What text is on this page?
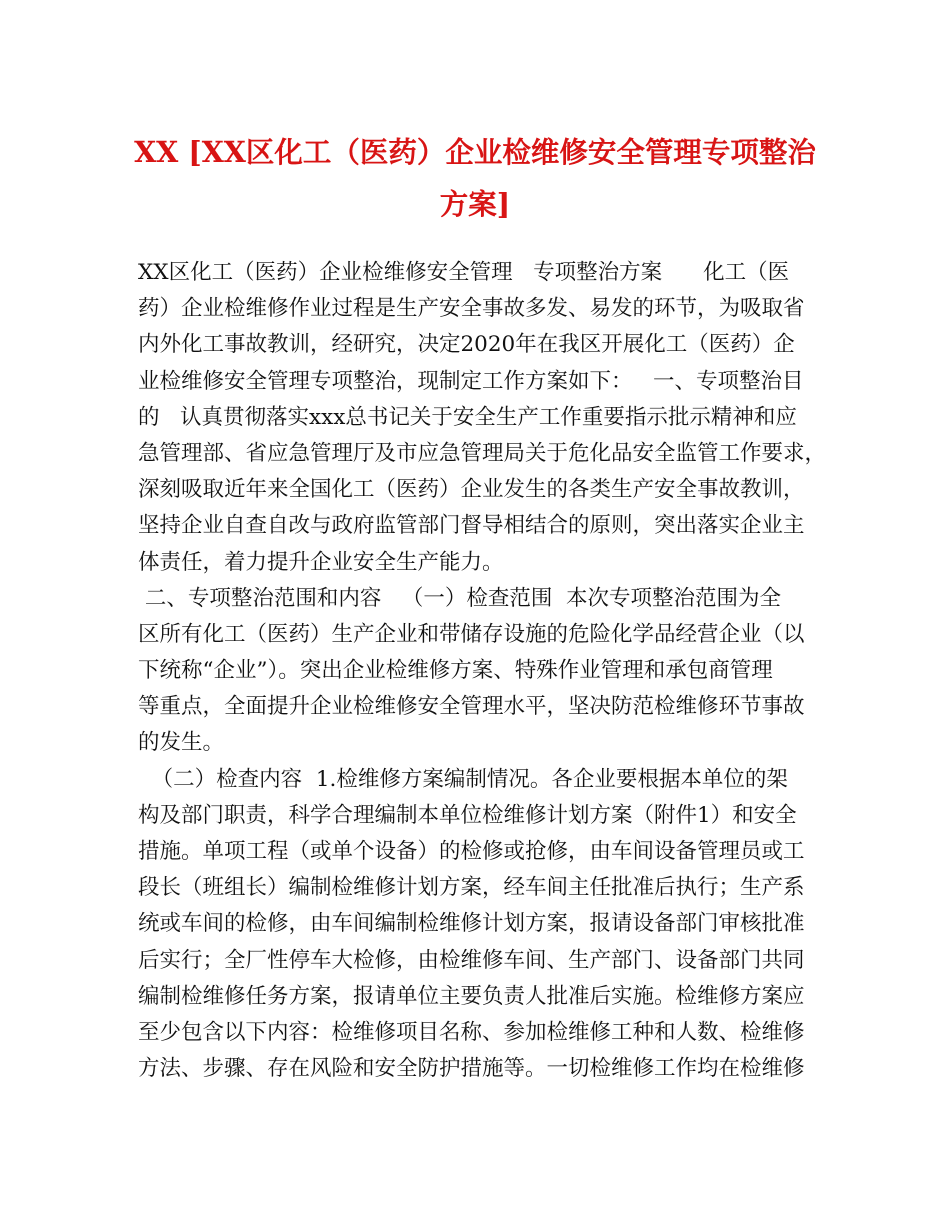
XX [XX区化工（医药）企业检维修安全管理专项整治
方案]
XX区化工（医药）企业检维修安全管理   专项整治方案      化工（医
药）企业检维修作业过程是生产安全事故多发、易发的环节，为吸取省
内外化工事故教训，经研究，决定2020年在我区开展化工（医药）企
业检维修安全管理专项整治，现制定工作方案如下：   一、专项整治目
的   认真贯彻落实xxx总书记关于安全生产工作重要指示批示精神和应
急管理部、省应急管理厅及市应急管理局关于危化品安全监管工作要求，
深刻吸取近年来全国化工（医药）企业发生的各类生产安全事故教训，
坚持企业自查自改与政府监管部门督导相结合的原则，突出落实企业主
体责任，着力提升企业安全生产能力。
二、专项整治范围和内容   （一）检查范围  本次专项整治范围为全
区所有化工（医药）生产企业和带储存设施的危险化学品经营企业（以
下统称“企业”）。突出企业检维修方案、特殊作业管理和承包商管理
等重点，全面提升企业检维修安全管理水平，坚决防范检维修环节事故
的发生。
（二）检查内容  1.检维修方案编制情况。各企业要根据本单位的架
构及部门职责，科学合理编制本单位检维修计划方案（附件1）和安全
措施。单项工程（或单个设备）的检修或抢修，由车间设备管理员或工
段长（班组长）编制检维修计划方案，经车间主任批准后执行；生产系
统或车间的检修，由车间编制检维修计划方案，报请设备部门审核批准
后实行；全厂性停车大检修，由检维修车间、生产部门、设备部门共同
编制检维修任务方案，报请单位主要负责人批准后实施。检维修方案应
至少包含以下内容：检维修项目名称、参加检维修工种和人数、检维修
方法、步骤、存在风险和安全防护措施等。一切检维修工作均在检维修
